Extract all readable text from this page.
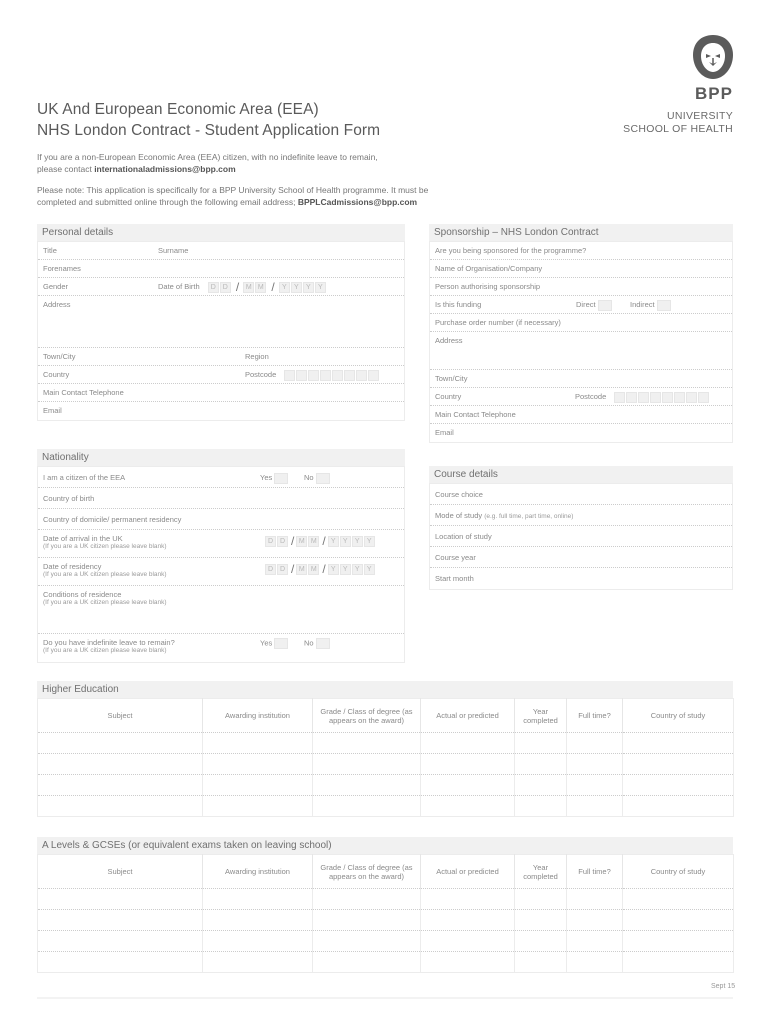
BPP
UNIVERSITY
SCHOOL OF HEALTH
UK And European Economic Area (EEA)
NHS London Contract - Student Application Form
If you are a non-European Economic Area (EEA) citizen, with no indefinite leave to remain,
please contact internationaladmissions@bpp.com
Please note: This application is specifically for a BPP University School of Health programme. It must be
completed and submitted online through the following email address; BPPLCadmissions@bpp.com
Personal details
Title	Surname
Forenames
Gender	Date of Birth D D / M M / Y Y Y Y
Address
Town/City	Region
Country	Postcode
Main Contact Telephone
Email
Sponsorship – NHS London Contract
Are you being sponsored for the programme?
Name of Organisation/Company
Person authorising sponsorship
Is this funding	Direct	Indirect
Purchase order number (if necessary)
Address
Town/City
Country	Postcode
Main Contact Telephone
Email
Nationality
I am a citizen of the EEA	Yes	No
Country of birth
Country of domicile/ permanent residency
Date of arrival in the UK
(If you are a UK citizen please leave blank)
D D / M M / Y Y Y Y
Date of residency
(If you are a UK citizen please leave blank)
D D / M M / Y Y Y Y
Conditions of residence
(If you are a UK citizen please leave blank)
Do you have indefinite leave to remain?
(If you are a UK citizen please leave blank)
Yes	No
Course details
Course choice
Mode of study (e.g. full time, part time, online)
Location of study
Course year
Start month
Higher Education
Subject	Awarding institution	Grade / Class of degree (as appears on the award)	Actual or predicted	Year completed	Full time?	Country of study

A Levels & GCSEs (or equivalent exams taken on leaving school)
Subject	Awarding institution	Grade / Class of degree (as appears on the award)	Actual or predicted	Year completed	Full time?	Country of study

Sept 15
